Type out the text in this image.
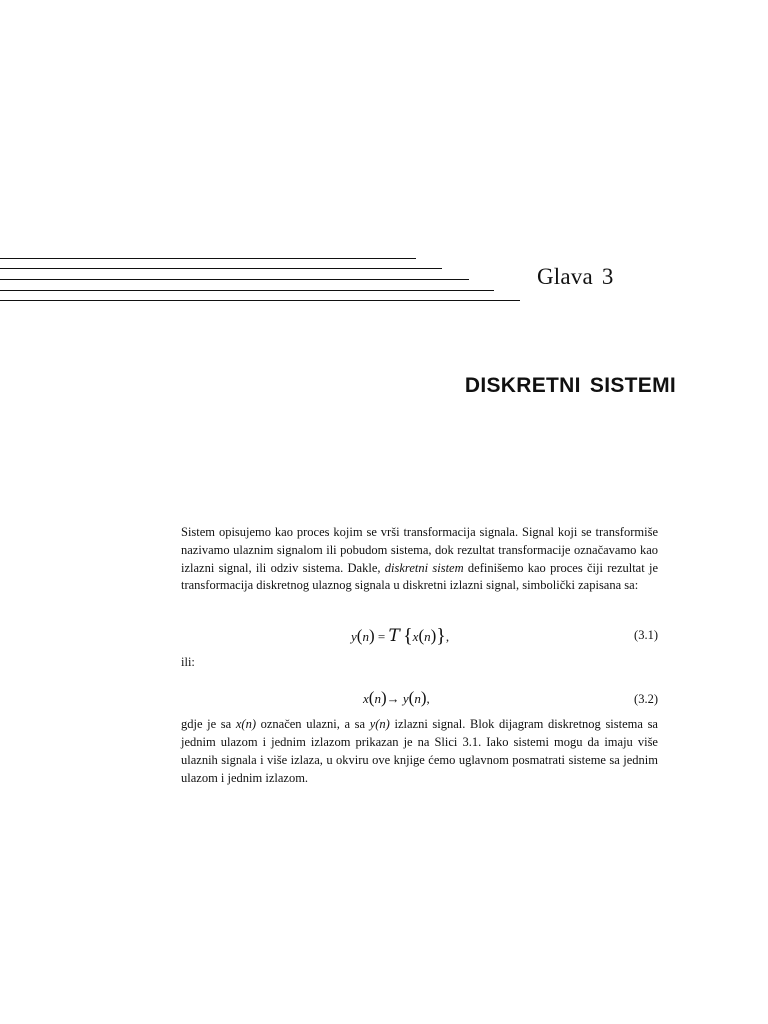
Glava 3
DISKRETNI SISTEMI
Sistem opisujemo kao proces kojim se vrši transformacija signala. Signal koji se transformiše nazivamo ulaznim signalom ili pobudom sistema, dok rezultat transformacije označavamo kao izlazni signal, ili odziv sistema. Dakle, diskretni sistem definišemo kao proces čiji rezultat je transformacija diskretnog ulaznog signala u diskretni izlazni signal, simbolički zapisana sa:
y(n) = T {x(n)},	(3.1)
ili:
x(n)→ y(n),	(3.2)
gdje je sa x(n) označen ulazni, a sa y(n) izlazni signal. Blok dijagram diskretnog sistema sa jednim ulazom i jednim izlazom prikazan je na Slici 3.1. Iako sistemi mogu da imaju više ulaznih signala i više izlaza, u okviru ove knjige ćemo uglavnom posmatrati sisteme sa jednim ulazom i jednim izlazom.
